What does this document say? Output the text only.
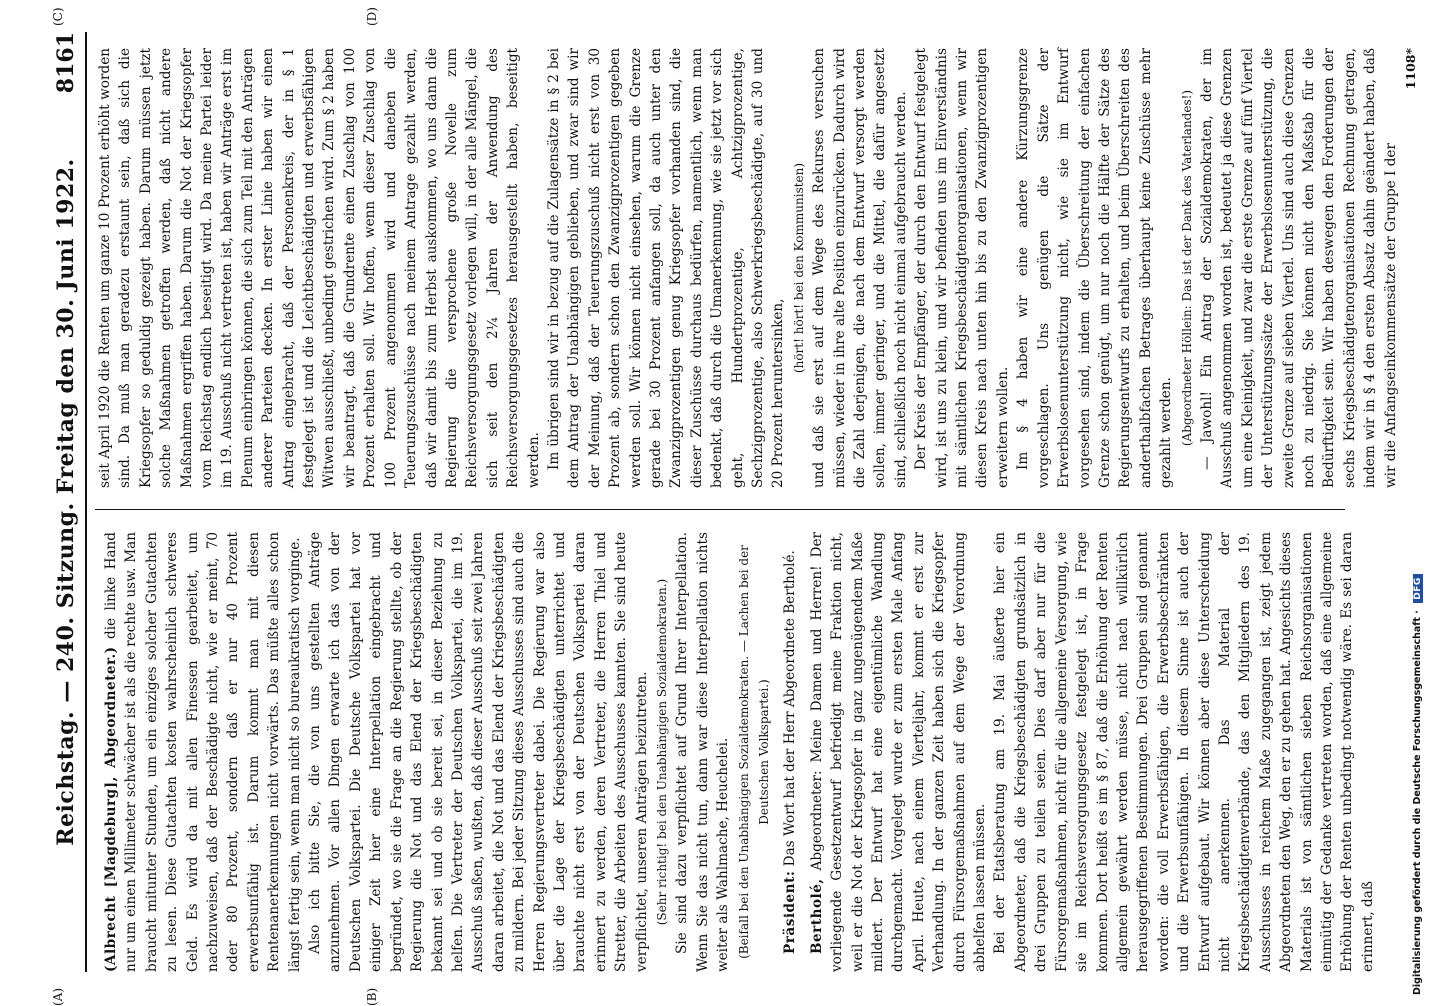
Reichstag. — 240. Sitzung. Freitag den 30. Juni 1922.
8161
(A)	(B)
(C)	(D)

(Albrecht [Magdeburg], Abgeordneter.) die linke Hand nur um einen Millimeter schwächer ist als die rechte usw. Man braucht mitunter Stunden, um ein einziges solcher Gutachten zu lesen. Diese Gutachten kosten wahrscheinlich schweres Geld. Es wird da mit allen Finessen gearbeitet, um nachzuweisen, daß der Beschädigte nicht, wie er meint, 70 oder 80 Prozent, sondern daß er nur 40 Prozent erwerbsunfähig ist. Darum kommt man mit diesen Rentenanerkennungen nicht vorwärts. Das müßte alles schon längst fertig sein, wenn man nicht so bureaukratisch vorginge. Also ich bitte Sie, die von uns gestellten Anträge anzunehmen. Vor allen Dingen erwarte ich das von der Deutschen Volkspartei. Die Deutsche Volkspartei hat vor einiger Zeit hier eine Interpellation eingebracht und begründet, wo sie die Frage an die Regierung stellte, ob der Regierung die Not und das Elend der Kriegsbeschädigten bekannt sei und ob sie bereit sei, in dieser Beziehung zu helfen. Die Vertreter der Deutschen Volkspartei, die im 19. Ausschuß saßen, wußten, daß dieser Ausschuß seit zwei Jahren daran arbeitet, die Not und das Elend der Kriegsbeschädigten zu mildern. Bei jeder Sitzung dieses Ausschusses sind auch die Herren Regierungsvertreter dabei. Die Regierung war also über die Lage der Kriegsbeschädigten unterrichtet und brauchte nicht erst von der Deutschen Volkspartei daran erinnert zu werden, deren Vertreter, die Herren Thiel und Stretter, die Arbeiten des Ausschusses kannten. Sie sind heute verpflichtet, unseren Anträgen beizutreten. (Sehr richtig! bei den Unabhängigen Sozialdemokraten.) Sie sind dazu verpflichtet auf Grund Ihrer Interpellation. Wenn Sie das nicht tun, dann war diese Interpellation nichts weiter als Wahlmache, Heuchelei. (Beifall bei den Unabhängigen Sozialdemokraten. — Lachen bei der Deutschen Volkspartei.)

Präsident: Das Wort hat der Herr Abgeordnete Bertholé.

Bertholé, Abgeordneter: Meine Damen und Herren! Der vorliegende Gesetzentwurf befriedigt meine Fraktion nicht, weil er die Not der Kriegsopfer in ganz ungenügendem Maße mildert. Der Entwurf hat eine eigentümliche Wandlung durchgemacht. Vorgelegt wurde er zum ersten Male Anfang April. Heute, nach einem Vierteljahr, kommt er erst zur Verhandlung. In der ganzen Zeit haben sich die Kriegsopfer durch Fürsorgemaßnahmen auf dem Wege der Verordnung abhelfen lassen müssen. Bei der Etatsberatung am 19. Mai äußerte hier ein Abgeordneter, daß die Kriegsbeschädigten grundsätzlich in drei Gruppen zu teilen seien. Dies darf aber nur für die Fürsorgemaßnahmen, nicht für die allgemeine Versorgung, wie sie im Reichsversorgungsgesetz festgelegt ist, in Frage kommen. Dort heißt es im § 87, daß die Erhöhung der Renten allgemein gewährt werden müsse, nicht nach willkürlich herausgegriffenen Bestimmungen. Drei Gruppen sind genannt worden: die voll Erwerbsfähigen, die Erwerbsbeschränkten und die Erwerbsunfähigen. In diesem Sinne ist auch der Entwurf aufgebaut. Wir können aber diese Unterscheidung nicht anerkennen. Das Material der Kriegsbeschädigtenverbände, das den Mitgliedern des 19. Ausschusses in reichem Maße zugegangen ist, zeigt jedem Abgeordneten den Weg, den er zu gehen hat. Angesichts dieses Materials ist von sämtlichen sieben Reichsorganisationen einmütig der Gedanke vertreten worden, daß eine allgemeine Erhöhung der Renten unbedingt notwendig wäre. Es sei daran erinnert, daß

seit April 1920 die Renten um ganze 10 Prozent erhöht worden sind. Da muß man geradezu erstaunt sein, daß sich die Kriegsopfer so geduldig gezeigt haben. Darum müssen jetzt solche Maßnahmen getroffen werden, daß nicht andere Maßnahmen ergriffen haben. Darum die Not der Kriegsopfer vom Reichstag endlich beseitigt wird. Da meine Partei leider im 19. Ausschuß nicht vertreten ist, haben wir Anträge erst im Plenum einbringen können, die sich zum Teil mit den Anträgen anderer Parteien decken. In erster Linie haben wir einen Antrag eingebracht, daß der Personenkreis, der in § 1 festgelegt ist und die Leichtbeschädigten und erwerbsfähigen Witwen ausschließt, unbedingt gestrichen wird. Zum § 2 haben wir beantragt, daß die Grundrente einen Zuschlag von 100 Prozent erhalten soll. Wir hoffen, wenn dieser Zuschlag von 100 Prozent angenommen wird und daneben die Teuerungszuschüsse nach meinem Antrage gezahlt werden, daß wir damit bis zum Herbst auskommen, wo uns dann die Regierung die versprochene große Novelle zum Reichsversorgungsgesetz vorlegen will, in der alle Mängel, die sich seit den 2¼ Jahren der Anwendung des Reichsversorgungsgesetzes herausgestellt haben, beseitigt werden. Im übrigen sind wir in bezug auf die Zulagensätze in § 2 bei dem Antrag der Unabhängigen geblieben, und zwar sind wir der Meinung, daß der Teuerungszuschuß nicht erst von 30 Prozent ab, sondern schon den Zwanzigprozentigen gegeben werden soll. Wir können nicht einsehen, warum die Grenze gerade bei 30 Prozent anfangen soll, da auch unter den Zwanzigprozentigen genug Kriegsopfer vorhanden sind, die dieser Zuschüsse durchaus bedürfen, namentlich, wenn man bedenkt, daß durch die Umanerkennung, wie sie jetzt vor sich geht, Hundertprozentige, Achtzigprozentige, Sechzigprozentige, also Schwerkriegsbeschädigte, auf 30 und 20 Prozent heruntersinken,

(hört! hört! bei den Kommunisten) und daß sie erst auf dem Wege des Rekurses versuchen müssen, wieder in ihre alte Position einzurücken. Dadurch wird die Zahl derjenigen, die nach dem Entwurf versorgt werden sollen, immer geringer, und die Mittel, die dafür angesetzt sind, schließlich noch nicht einmal aufgebraucht werden. Der Kreis der Empfänger, der durch den Entwurf festgelegt wird, ist uns zu klein, und wir befinden uns im Einverständnis mit sämtlichen Kriegsbeschädigtenorganisationen, wenn wir diesen Kreis nach unten hin bis zu den Zwanzigprozentigen erweitern wollen. Im § 4 haben wir eine andere Kürzungsgrenze vorgeschlagen. Uns genügen die Sätze der Erwerbslosenunterstützung nicht, wie sie im Entwurf vorgesehen sind, indem die Überschreitung der einfachen Grenze schon genügt, um nur noch die Hälfte der Sätze des Regierungsentwurfs zu erhalten, und beim Überschreiten des anderthalbfachen Betrages überhaupt keine Zuschüsse mehr gezahlt werden. (Abgeordneter Höllein: Das ist der Dank des Vaterlandes!) — Jawohl! Ein Antrag der Sozialdemokraten, der im Ausschuß angenommen worden ist, bedeutet ja diese Grenzen um eine Kleinigkeit, und zwar die erste Grenze auf fünf Viertel der Unterstützungssätze der Erwerbslosenunterstützung, die zweite Grenze auf sieben Viertel. Uns sind auch diese Grenzen noch zu niedrig. Sie können nicht den Maßstab für die Bedürftigkeit sein. Wir haben deswegen den Forderungen der sechs Kriegsbeschädigtenorganisationen Rechnung getragen, indem wir in § 4 den ersten Absatz dahin geändert haben, daß wir die Anfangseinkommensätze der Gruppe I der

1108*

Digitalisierung gefördert durch die Deutsche Forschungsgemeinschaft · DFG
